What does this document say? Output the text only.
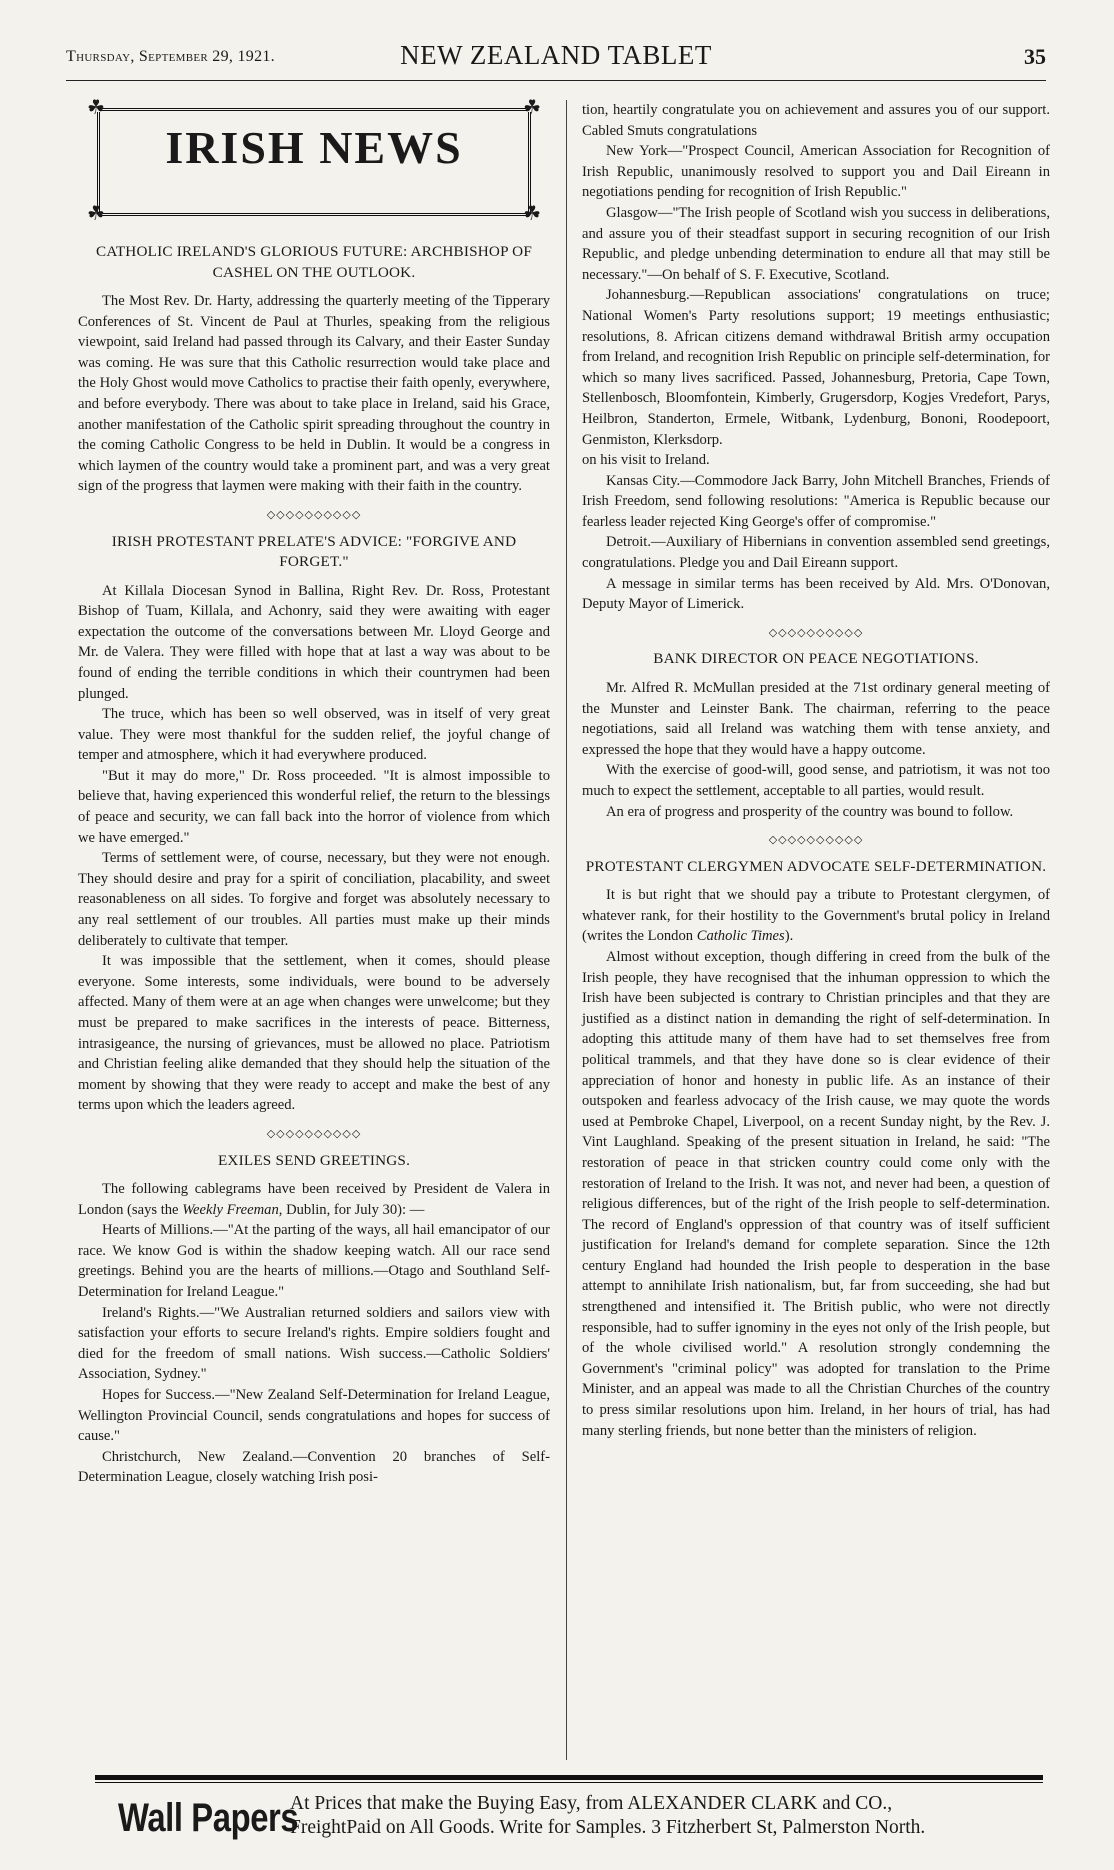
Thursday, September 29, 1921.	NEW ZEALAND TABLET	35
☘	☘
☘	☘
IRISH NEWS
CATHOLIC IRELAND'S GLORIOUS FUTURE: ARCHBISHOP OF CASHEL ON THE OUTLOOK.

The Most Rev. Dr. Harty, addressing the quarterly meeting of the Tipperary Conferences of St. Vincent de Paul at Thurles, speaking from the religious viewpoint, said Ireland had passed through its Calvary, and their Easter Sunday was coming. He was sure that this Catholic resurrection would take place and the Holy Ghost would move Catholics to practise their faith openly, everywhere, and before everybody. There was about to take place in Ireland, said his Grace, another manifestation of the Catholic spirit spreading throughout the country in the coming Catholic Congress to be held in Dublin. It would be a congress in which laymen of the country would take a prominent part, and was a very great sign of the progress that laymen were making with their faith in the country.

◇◇◇◇◇◇◇◇◇◇
IRISH PROTESTANT PRELATE'S ADVICE: "FORGIVE AND FORGET."

At Killala Diocesan Synod in Ballina, Right Rev. Dr. Ross, Protestant Bishop of Tuam, Killala, and Achonry, said they were awaiting with eager expectation the outcome of the conversations between Mr. Lloyd George and Mr. de Valera. They were filled with hope that at last a way was about to be found of ending the terrible conditions in which their countrymen had been plunged.

The truce, which has been so well observed, was in itself of very great value. They were most thankful for the sudden relief, the joyful change of temper and atmosphere, which it had everywhere produced.

"But it may do more," Dr. Ross proceeded. "It is almost impossible to believe that, having experienced this wonderful relief, the return to the blessings of peace and security, we can fall back into the horror of violence from which we have emerged."

Terms of settlement were, of course, necessary, but they were not enough. They should desire and pray for a spirit of conciliation, placability, and sweet reasonableness on all sides. To forgive and forget was absolutely necessary to any real settlement of our troubles. All parties must make up their minds deliberately to cultivate that temper.

It was impossible that the settlement, when it comes, should please everyone. Some interests, some individuals, were bound to be adversely affected. Many of them were at an age when changes were unwelcome; but they must be prepared to make sacrifices in the interests of peace. Bitterness, intrasigeance, the nursing of grievances, must be allowed no place. Patriotism and Christian feeling alike demanded that they should help the situation of the moment by showing that they were ready to accept and make the best of any terms upon which the leaders agreed.

◇◇◇◇◇◇◇◇◇◇
EXILES SEND GREETINGS.

The following cablegrams have been received by President de Valera in London (says the Weekly Freeman, Dublin, for July 30): —

Hearts of Millions.—"At the parting of the ways, all hail emancipator of our race. We know God is within the shadow keeping watch. All our race send greetings. Behind you are the hearts of millions.—Otago and Southland Self-Determination for Ireland League."

Ireland's Rights.—"We Australian returned soldiers and sailors view with satisfaction your efforts to secure Ireland's rights. Empire soldiers fought and died for the freedom of small nations. Wish success.—Catholic Soldiers' Association, Sydney."

Hopes for Success.—"New Zealand Self-Determination for Ireland League, Wellington Provincial Council, sends congratulations and hopes for success of cause."

Christchurch, New Zealand.—Convention 20 branches of Self-Determination League, closely watching Irish posi-

tion, heartily congratulate you on achievement and assures you of our support. Cabled Smuts congratulations

New York—"Prospect Council, American Association for Recognition of Irish Republic, unanimously resolved to support you and Dail Eireann in negotiations pending for recognition of Irish Republic."

Glasgow—"The Irish people of Scotland wish you success in deliberations, and assure you of their steadfast support in securing recognition of our Irish Republic, and pledge unbending determination to endure all that may still be necessary."—On behalf of S. F. Executive, Scotland.

Johannesburg.—Republican associations' congratulations on truce; National Women's Party resolutions support; 19 meetings enthusiastic; resolutions, 8. African citizens demand withdrawal British army occupation from Ireland, and recognition Irish Republic on principle self-determination, for which so many lives sacrificed. Passed, Johannesburg, Pretoria, Cape Town, Stellenbosch, Bloomfontein, Kimberly, Grugersdorp, Kogjes Vredefort, Parys, Heilbron, Standerton, Ermele, Witbank, Lydenburg, Bononi, Roodepoort, Genmiston, Klerksdorp.

on his visit to Ireland.

Kansas City.—Commodore Jack Barry, John Mitchell Branches, Friends of Irish Freedom, send following resolutions: "America is Republic because our fearless leader rejected King George's offer of compromise."

Detroit.—Auxiliary of Hibernians in convention assembled send greetings, congratulations. Pledge you and Dail Eireann support.

A message in similar terms has been received by Ald. Mrs. O'Donovan, Deputy Mayor of Limerick.

◇◇◇◇◇◇◇◇◇◇
BANK DIRECTOR ON PEACE NEGOTIATIONS.

Mr. Alfred R. McMullan presided at the 71st ordinary general meeting of the Munster and Leinster Bank. The chairman, referring to the peace negotiations, said all Ireland was watching them with tense anxiety, and expressed the hope that they would have a happy outcome.

With the exercise of good-will, good sense, and patriotism, it was not too much to expect the settlement, acceptable to all parties, would result.

An era of progress and prosperity of the country was bound to follow.

◇◇◇◇◇◇◇◇◇◇
PROTESTANT CLERGYMEN ADVOCATE SELF-DETERMINATION.

It is but right that we should pay a tribute to Protestant clergymen, of whatever rank, for their hostility to the Government's brutal policy in Ireland (writes the London Catholic Times).

Almost without exception, though differing in creed from the bulk of the Irish people, they have recognised that the inhuman oppression to which the Irish have been subjected is contrary to Christian principles and that they are justified as a distinct nation in demanding the right of self-determination. In adopting this attitude many of them have had to set themselves free from political trammels, and that they have done so is clear evidence of their appreciation of honor and honesty in public life. As an instance of their outspoken and fearless advocacy of the Irish cause, we may quote the words used at Pembroke Chapel, Liverpool, on a recent Sunday night, by the Rev. J. Vint Laughland. Speaking of the present situation in Ireland, he said: "The restoration of peace in that stricken country could come only with the restoration of Ireland to the Irish. It was not, and never had been, a question of religious differences, but of the right of the Irish people to self-determination. The record of England's oppression of that country was of itself sufficient justification for Ireland's demand for complete separation. Since the 12th century England had hounded the Irish people to desperation in the base attempt to annihilate Irish nationalism, but, far from succeeding, she had but strengthened and intensified it. The British public, who were not directly responsible, had to suffer ignominy in the eyes not only of the Irish people, but of the whole civilised world." A resolution strongly condemning the Government's "criminal policy" was adopted for translation to the Prime Minister, and an appeal was made to all the Christian Churches of the country to press similar resolutions upon him. Ireland, in her hours of trial, has had many sterling friends, but none better than the ministers of religion.

Wall Papers
At Prices that make the Buying Easy, from ALEXANDER CLARK and CO.,
FreightPaid on All Goods. Write for Samples. 3 Fitzherbert St, Palmerston North.
